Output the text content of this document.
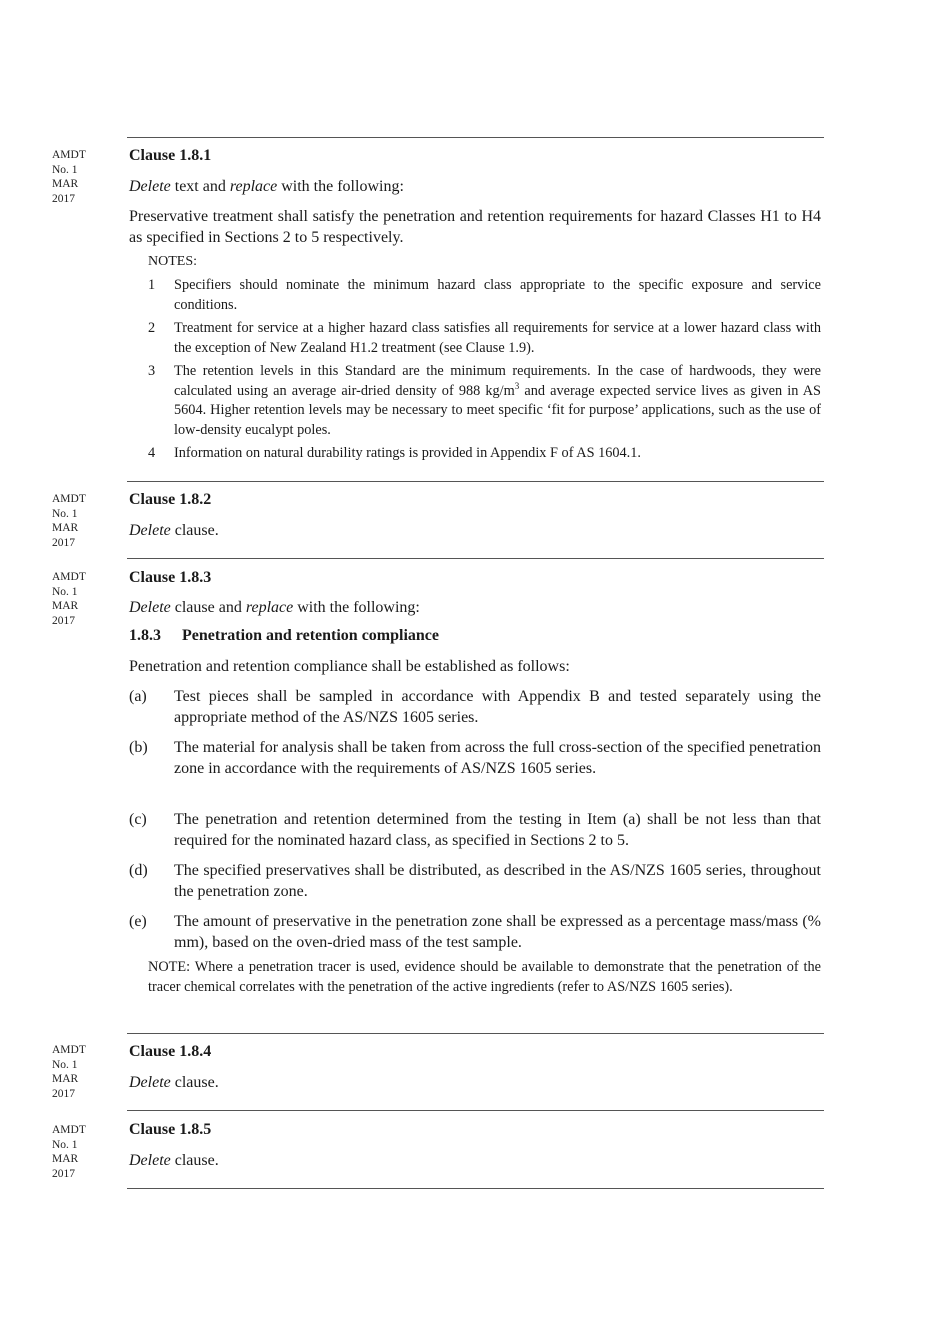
AMDT
No. 1
MAR
2017
Clause 1.8.1
Delete text and replace with the following:
Preservative treatment shall satisfy the penetration and retention requirements for hazard Classes H1 to H4 as specified in Sections 2 to 5 respectively.
NOTES:
1 Specifiers should nominate the minimum hazard class appropriate to the specific exposure and service conditions.
2 Treatment for service at a higher hazard class satisfies all requirements for service at a lower hazard class with the exception of New Zealand H1.2 treatment (see Clause 1.9).
3 The retention levels in this Standard are the minimum requirements. In the case of hardwoods, they were calculated using an average air-dried density of 988 $kg/m^3$ and average expected service lives as given in AS 5604. Higher retention levels may be necessary to meet specific ‘fit for purpose’ applications, such as the use of low-density eucalypt poles.
4 Information on natural durability ratings is provided in Appendix F of AS 1604.1.
AMDT
No. 1
MAR
2017
Clause 1.8.2
Delete clause.
AMDT
No. 1
MAR
2017
Clause 1.8.3
Delete clause and replace with the following:
1.8.3 Penetration and retention compliance
Penetration and retention compliance shall be established as follows:
(a) Test pieces shall be sampled in accordance with Appendix B and tested separately using the appropriate method of the AS/NZS 1605 series.
(b) The material for analysis shall be taken from across the full cross-section of the specified penetration zone in accordance with the requirements of AS/NZS 1605 series.
(c) The penetration and retention determined from the testing in Item (a) shall be not less than that required for the nominated hazard class, as specified in Sections 2 to 5.
(d) The specified preservatives shall be distributed, as described in the AS/NZS 1605 series, throughout the penetration zone.
(e) The amount of preservative in the penetration zone shall be expressed as a percentage mass/mass (% mm), based on the oven-dried mass of the test sample.
NOTE: Where a penetration tracer is used, evidence should be available to demonstrate that the penetration of the tracer chemical correlates with the penetration of the active ingredients (refer to AS/NZS 1605 series).
AMDT
No. 1
MAR
2017
Clause 1.8.4
Delete clause.
AMDT
No. 1
MAR
2017
Clause 1.8.5
Delete clause.
